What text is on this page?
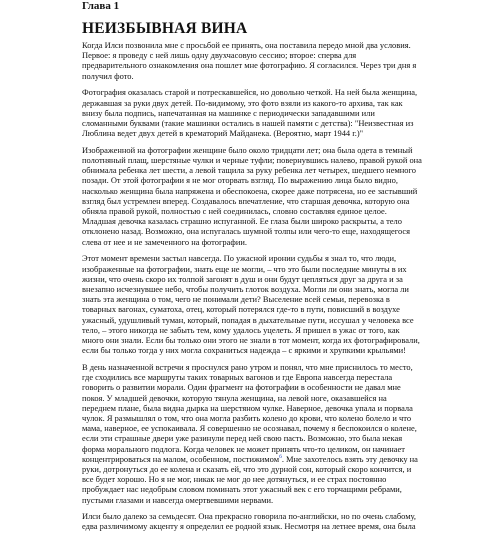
Глава 1
НЕИЗБЫВНАЯ ВИНА

Когда Илси позвонила мне с просьбой ее принять, она поставила передо мной два условия. Первое: я проведу с ней лишь одну двухчасовую сессию; второе: сперва для предварительного ознакомления она пошлет мне фотографию. Я согласился. Через три дня я получил фото.

Фотография оказалась старой и потрескавшейся, но довольно четкой. На ней была женщина, державшая за руки двух детей. По-видимому, это фото взяли из какого-то архива, так как внизу была подпись, напечатанная на машинке с периодически западавшими или сломанными буквами (такие машинки остались в нашей памяти с детства): "Неизвестная из Люблина ведет двух детей в крематорий Майданека. (Вероятно, март 1944 г.)"

Изображенной на фотографии женщине было около тридцати лет; она была одета в темный полотняный плащ, шерстяные чулки и черные туфли; повернувшись налево, правой рукой она обнимала ребенка лет шести, а левой тащила за руку ребенка лет четырех, шедшего немного позади. От этой фотографии я не мог оторвать взгляд. По выражению лица было видно, насколько женщина была напряжена и обеспокоена, скорее даже потрясена, но ее застывший взгляд был устремлен вперед. Создавалось впечатление, что старшая девочка, которую она обняла правой рукой, полностью с ней соединилась, словно составляя единое целое. Младшая девочка казалась страшно испуганной. Ее глаза были широко раскрыты, а тело отклонено назад. Возможно, она испугалась шумной толпы или чего-то еще, находящегося слева от нее и не замеченного на фотографии.

Этот момент времени застыл навсегда. По ужасной иронии судьбы я знал то, что люди, изображенные на фотографии, знать еще не могли, – что это были последние минуты в их жизни, что очень скоро их толпой загонят в душ и они будут цепляться друг за друга и за внезапно исчезнувшее небо, чтобы получить глоток воздуха. Могли ли они знать, могла ли знать эта женщина о том, чего не понимали дети? Выселение всей семьи, перевозка в товарных вагонах, суматоха, отец, который потерялся где-то в пути, повисший в воздухе ужасный, удушливый туман, который, попадая в дыхательные пути, иссушал у человека все тело, – этого никогда не забыть тем, кому удалось уцелеть. Я пришел в ужас от того, как много они знали. Если бы только они этого не знали в тот момент, когда их фотографировали, если бы только тогда у них могла сохраниться надежда – с яркими и хрупкими крыльями!

В день назначенной встречи я проснулся рано утром и понял, что мне приснилось то место, где сходились все маршруты таких товарных вагонов и где Европа навсегда перестала говорить о развитии морали. Один фрагмент на фотографии в особенности не давал мне покоя. У младшей девочки, которую тянула женщина, на левой ноге, оказавшейся на переднем плане, была видна дырка на шерстяном чулке. Наверное, девочка упала и порвала чулок. Я размышлял о том, что она могла разбить колено до крови, что колено болело и что мама, наверное, ее успокаивала. Я совершенно не осознавал, почему я беспокоился о колене, если эти страшные двери уже разинули перед ней свою пасть. Возможно, это была некая форма морального подлога. Когда человек не может принять что-то целиком, он начинает концентрироваться на малом, особенном, постижимом$^6$. Мне захотелось взять эту девочку на руки, дотронуться до ее колена и сказать ей, что это дурной сон, который скоро кончится, и все будет хорошо. Но я не мог, никак не мог до нее дотянуться, и ее страх постоянно пробуждает нас недобрым словом поминать этот ужасный век с его торчащими ребрами, пустыми глазами и навсегда омертвевшими нервами.

Илси было далеко за семьдесят. Она прекрасно говорила по-английски, но по очень слабому, едва различимому акценту я определил ее родной язык. Несмотря на летнее время, она была
